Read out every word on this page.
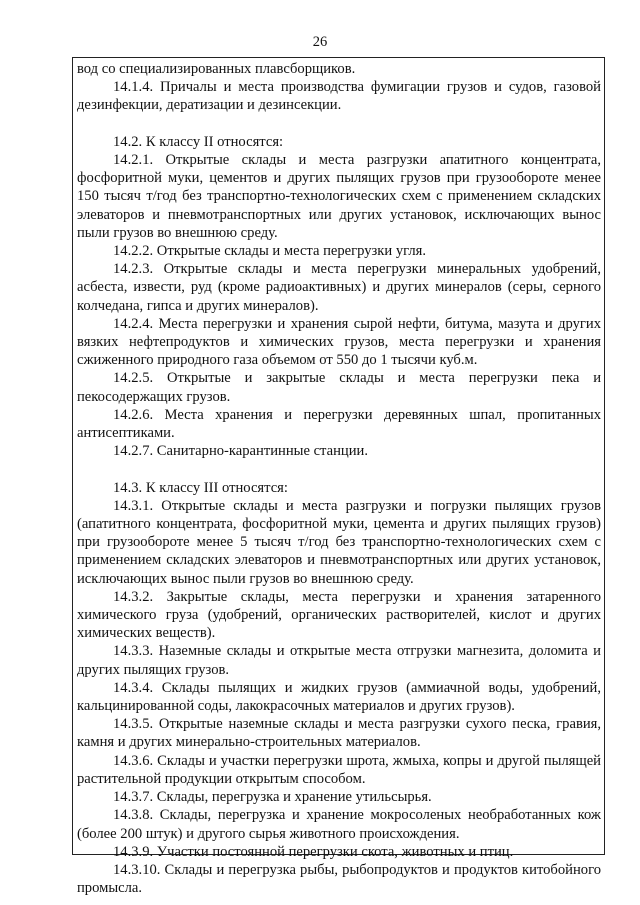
26
вод со специализированных плавсборщиков.
14.1.4. Причалы и места производства фумигации грузов и судов, газовой дезинфекции, дератизации и дезинсекции.
14.2. К классу II относятся:
14.2.1. Открытые склады и места разгрузки апатитного концентрата, фосфоритной муки, цементов и других пылящих грузов при грузообороте менее 150 тысяч т/год без транспортно-технологических схем с применением складских элеваторов и пневмотранспортных или других установок, исключающих вынос пыли грузов во внешнюю среду.
14.2.2. Открытые склады и места перегрузки угля.
14.2.3. Открытые склады и места перегрузки минеральных удобрений, асбеста, извести, руд (кроме радиоактивных) и других минералов (серы, серного колчедана, гипса и других минералов).
14.2.4. Места перегрузки и хранения сырой нефти, битума, мазута и других вязких нефтепродуктов и химических грузов, места перегрузки и хранения сжиженного природного газа объемом от 550 до 1 тысячи куб.м.
14.2.5. Открытые и закрытые склады и места перегрузки пека и пекосодержащих грузов.
14.2.6. Места хранения и перегрузки деревянных шпал, пропитанных антисептиками.
14.2.7. Санитарно-карантинные станции.
14.3. К классу III относятся:
14.3.1. Открытые склады и места разгрузки и погрузки пылящих грузов (апатитного концентрата, фосфоритной муки, цемента и других пылящих грузов) при грузообороте менее 5 тысяч т/год без транспортно-технологических схем с применением складских элеваторов и пневмотранспортных или других установок, исключающих вынос пыли грузов во внешнюю среду.
14.3.2. Закрытые склады, места перегрузки и хранения затаренного химического груза (удобрений, органических растворителей, кислот и других химических веществ).
14.3.3. Наземные склады и открытые места отгрузки магнезита, доломита и других пылящих грузов.
14.3.4. Склады пылящих и жидких грузов (аммиачной воды, удобрений, кальцинированной соды, лакокрасочных материалов и других грузов).
14.3.5. Открытые наземные склады и места разгрузки сухого песка, гравия, камня и других минерально-строительных материалов.
14.3.6. Склады и участки перегрузки шрота, жмыха, копры и другой пылящей растительной продукции открытым способом.
14.3.7. Склады, перегрузка и хранение утильсырья.
14.3.8. Склады, перегрузка и хранение мокросоленых необработанных кож (более 200 штук) и другого сырья животного происхождения.
14.3.9. Участки постоянной перегрузки скота, животных и птиц.
14.3.10. Склады и перегрузка рыбы, рыбопродуктов и продуктов китобойного промысла.
